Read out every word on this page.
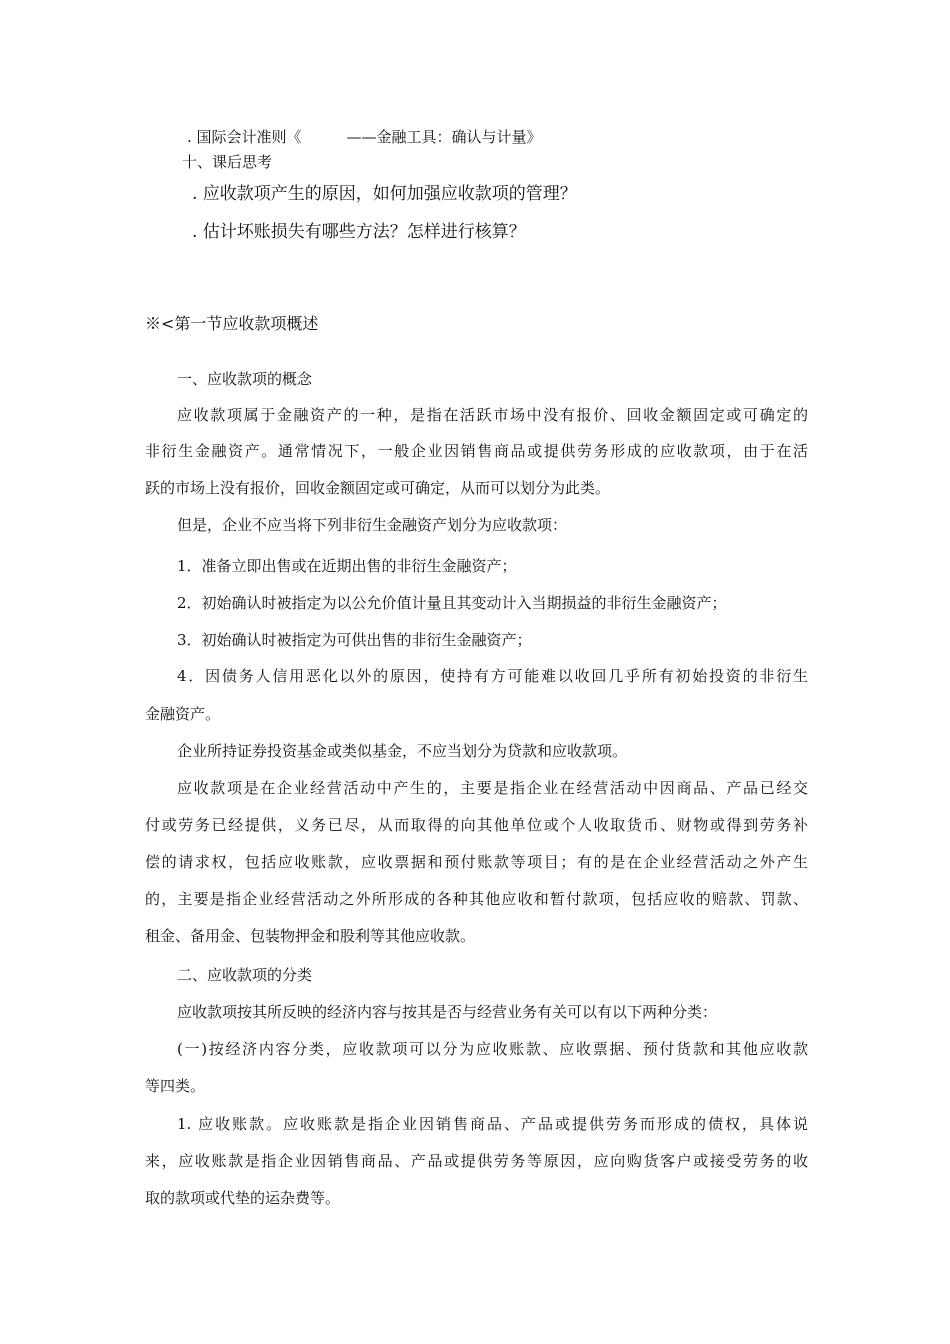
. 国际会计准则《　　　——金融工具：确认与计量》
十、课后思考
. 应收款项产生的原因，如何加强应收款项的管理？
. 估计坏账损失有哪些方法？怎样进行核算？
※<第一节应收款项概述
一、应收款项的概念
应收款项属于金融资产的一种，是指在活跃市场中没有报价、回收金额固定或可确定的
非衍生金融资产。通常情况下，一般企业因销售商品或提供劳务形成的应收款项，由于在活
跃的市场上没有报价，回收金额固定或可确定，从而可以划分为此类。
但是，企业不应当将下列非衍生金融资产划分为应收款项：
1．准备立即出售或在近期出售的非衍生金融资产；
2．初始确认时被指定为以公允价值计量且其变动计入当期损益的非衍生金融资产；
3．初始确认时被指定为可供出售的非衍生金融资产；
4．因债务人信用恶化以外的原因，使持有方可能难以收回几乎所有初始投资的非衍生
金融资产。
企业所持证券投资基金或类似基金，不应当划分为贷款和应收款项。
应收款项是在企业经营活动中产生的，主要是指企业在经营活动中因商品、产品已经交
付或劳务已经提供，义务已尽，从而取得的向其他单位或个人收取货币、财物或得到劳务补
偿的请求权，包括应收账款，应收票据和预付账款等项目；有的是在企业经营活动之外产生
的，主要是指企业经营活动之外所形成的各种其他应收和暂付款项，包括应收的赔款、罚款、
租金、备用金、包装物押金和股利等其他应收款。
二、应收款项的分类
应收款项按其所反映的经济内容与按其是否与经营业务有关可以有以下两种分类：
(一)按经济内容分类，应收款项可以分为应收账款、应收票据、预付货款和其他应收款
等四类。
1. 应收账款。应收账款是指企业因销售商品、产品或提供劳务而形成的债权，具体说
来，应收账款是指企业因销售商品、产品或提供劳务等原因，应向购货客户或接受劳务的收
取的款项或代垫的运杂费等。
